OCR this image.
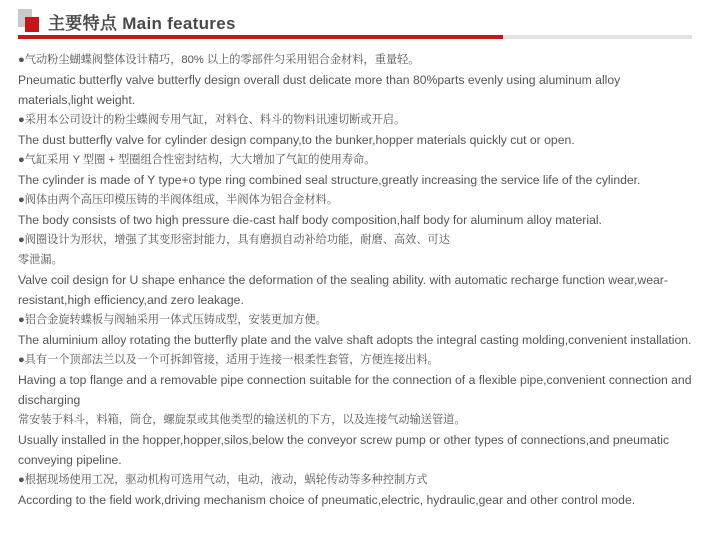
主要特点 Main features

●气动粉尘蝴蝶阀整体设计精巧，80% 以上的零部件匀采用铝合金材料，重量轻。

Pneumatic butterfly valve butterfly design overall dust delicate more than 80%parts evenly using aluminum alloy materials,light weight.

●采用本公司设计的粉尘蝶阀专用气缸，对料仓、料斗的物料讯速切断或开启。

The dust butterfly valve for cylinder design company,to the bunker,hopper materials quickly cut or open.

●气缸采用 Y 型圈 + 型圈组合性密封结构，大大增加了气缸的使用寿命。

The cylinder is made of Y type+o type ring combined seal structure,greatly increasing the service life of the cylinder.

●阀体由两个高压印模压铸的半阀体组成，半阀体为铝合金材料。

The body consists of two high pressure die-cast half body composition,half body for aluminum alloy material.

●阀圈设计为形状，增强了其变形密封能力，具有磨损自动补给功能，耐磨、高效、可达

零泄漏。

Valve coil design for U shape enhance the deformation of the sealing ability. with automatic recharge function wear,wear-resistant,high efficiency,and zero leakage.

●铝合金旋转蝶板与阀轴采用一体式压铸成型，安装更加方便。

The aluminium alloy rotating the butterfly plate and the valve shaft adopts the integral casting molding,convenient installation.

●具有一个顶部法兰以及一个可拆卸管接，适用于连接一根柔性套管，方便连接出料。

Having a top flange and a removable pipe connection suitable for the connection of a flexible pipe,convenient connection and discharging

常安装于料斗，料箱，筒仓，螺旋泵或其他类型的输送机的下方，以及连接气动输送管道。

Usually installed in the hopper,hopper,silos,below the conveyor screw pump or other types of connections,and pneumatic conveying pipeline.

●根据现场使用工况，驱动机构可选用气动，电动，液动，蜗轮传动等多种控制方式

According to the field work,driving mechanism choice of pneumatic,electric, hydraulic,gear and other control mode.
